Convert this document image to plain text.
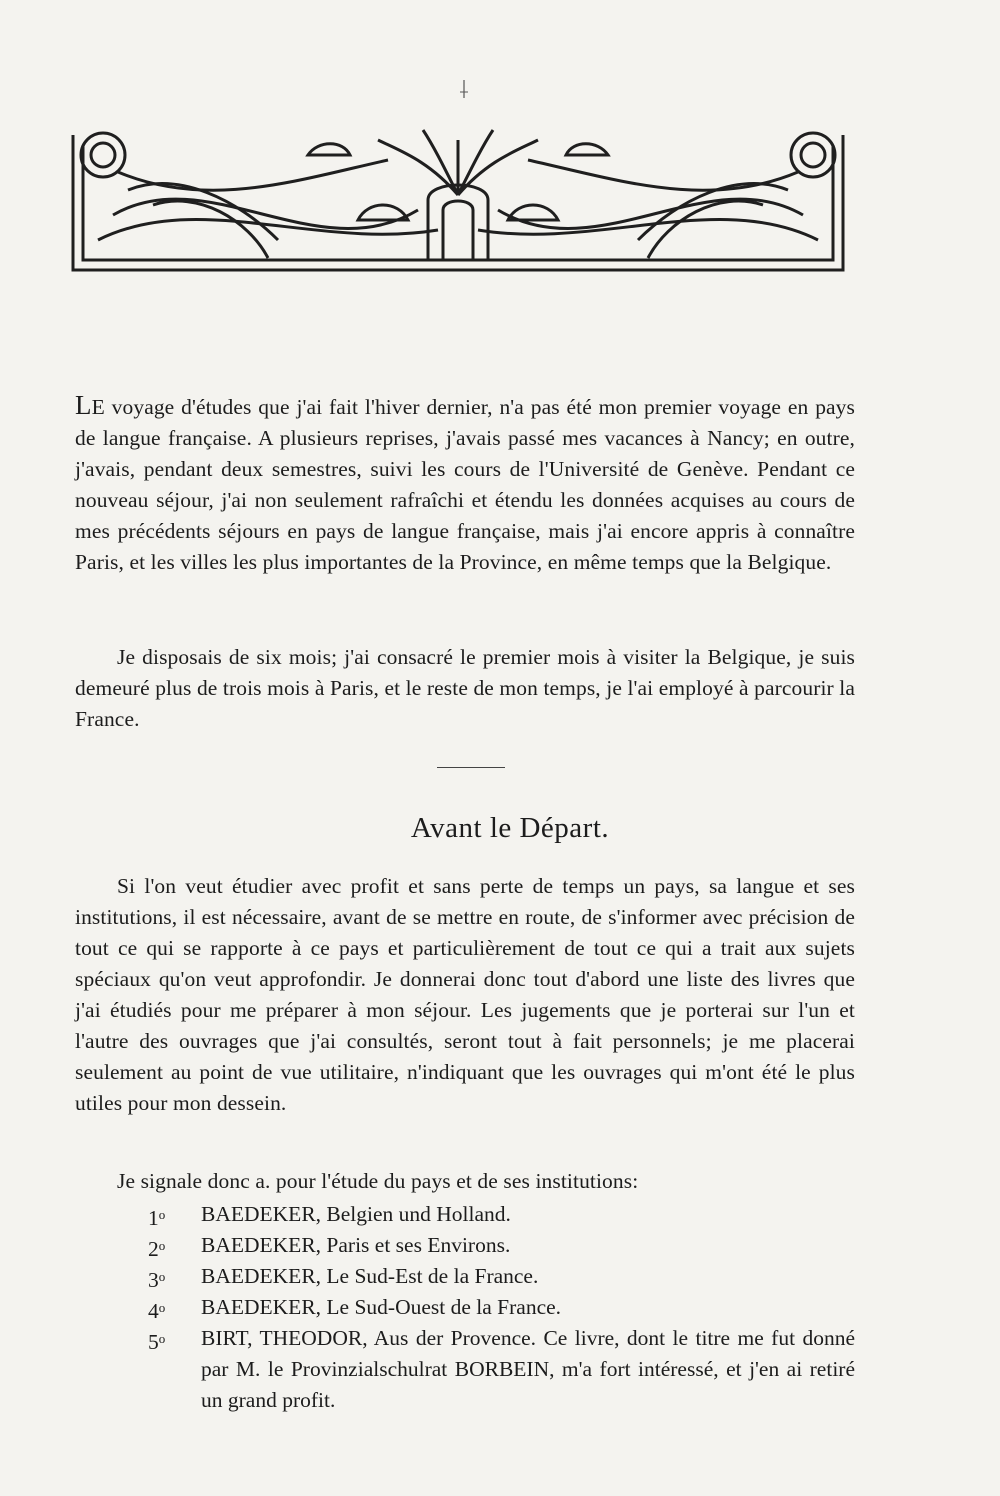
LE voyage d'études que j'ai fait l'hiver dernier, n'a pas été mon premier voyage en pays de langue française. A plusieurs reprises, j'avais passé mes vacances à Nancy; en outre, j'avais, pendant deux semestres, suivi les cours de l'Université de Genève. Pendant ce nouveau séjour, j'ai non seulement rafraîchi et étendu les données acquises au cours de mes précédents séjours en pays de langue française, mais j'ai encore appris à connaître Paris, et les villes les plus importantes de la Province, en même temps que la Belgique.

Je disposais de six mois; j'ai consacré le premier mois à visiter la Belgique, je suis demeuré plus de trois mois à Paris, et le reste de mon temps, je l'ai employé à parcourir la France.

Avant le Départ.

Si l'on veut étudier avec profit et sans perte de temps un pays, sa langue et ses institutions, il est nécessaire, avant de se mettre en route, de s'informer avec précision de tout ce qui se rapporte à ce pays et particulièrement de tout ce qui a trait aux sujets spéciaux qu'on veut approfondir. Je donnerai donc tout d'abord une liste des livres que j'ai étudiés pour me préparer à mon séjour. Les jugements que je porterai sur l'un et l'autre des ouvrages que j'ai consultés, seront tout à fait personnels; je me placerai seulement au point de vue utilitaire, n'indiquant que les ouvrages qui m'ont été le plus utiles pour mon dessein.

Je signale donc a. pour l'étude du pays et de ses institutions:

1$^o$ BAEDEKER, Belgien und Holland.
2$^o$ BAEDEKER, Paris et ses Environs.
3$^o$ BAEDEKER, Le Sud-Est de la France.
4$^o$ BAEDEKER, Le Sud-Ouest de la France.
5$^o$ BIRT, THEODOR, Aus der Provence. Ce livre, dont le titre me fut donné par M. le Provinzialschulrat BORBEIN, m'a fort intéressé, et j'en ai retiré un grand profit.
